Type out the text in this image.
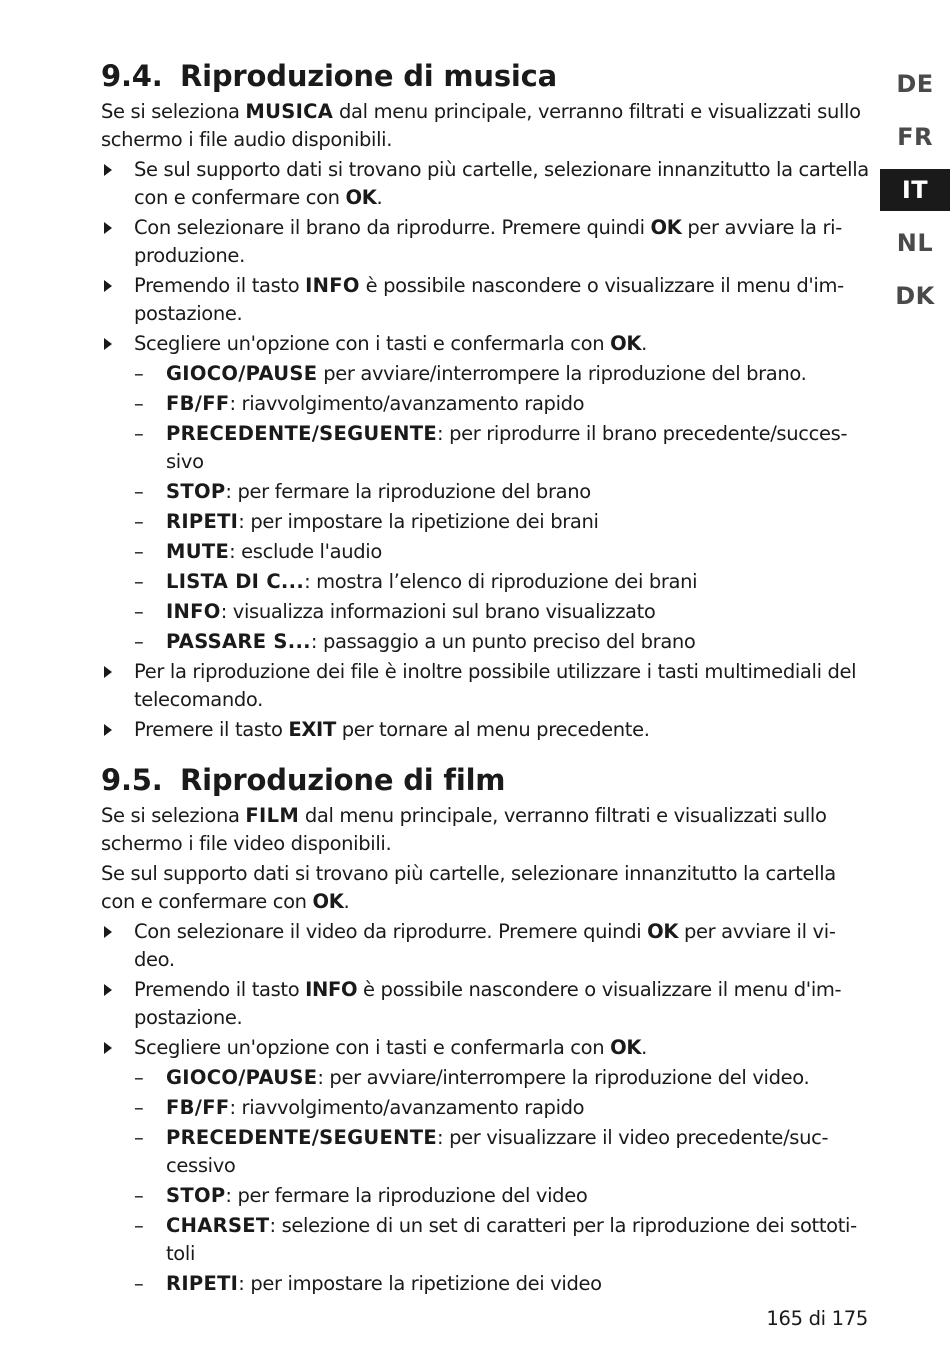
DE
FR
IT
NL
DK
9.4. Riproduzione di musica

Se si seleziona MUSICA dal menu principale, verranno filtrati e visualizzati sullo schermo i file audio disponibili.

Se sul supporto dati si trovano più cartelle, selezionare innanzitutto la cartella con e confermare con OK.
Con selezionare il brano da riprodurre. Premere quindi OK per avviare la riproduzione.
Premendo il tasto INFO è possibile nascondere o visualizzare il menu d'impostazione.
Scegliere un'opzione con i tasti e confermarla con OK.
– GIOCO/PAUSE per avviare/interrompere la riproduzione del brano.
– FB/FF: riavvolgimento/avanzamento rapido
– PRECEDENTE/SEGUENTE: per riprodurre il brano precedente/successivo
– STOP: per fermare la riproduzione del brano
– RIPETI: per impostare la ripetizione dei brani
– MUTE: esclude l'audio
– LISTA DI C...: mostra l’elenco di riproduzione dei brani
– INFO: visualizza informazioni sul brano visualizzato
– PASSARE S...: passaggio a un punto preciso del brano
Per la riproduzione dei file è inoltre possibile utilizzare i tasti multimediali del telecomando.
Premere il tasto EXIT per tornare al menu precedente.
9.5. Riproduzione di film

Se si seleziona FILM dal menu principale, verranno filtrati e visualizzati sullo schermo i file video disponibili.

Se sul supporto dati si trovano più cartelle, selezionare innanzitutto la cartella con e confermare con OK.

Con selezionare il video da riprodurre. Premere quindi OK per avviare il video.
Premendo il tasto INFO è possibile nascondere o visualizzare il menu d'impostazione.
Scegliere un'opzione con i tasti e confermarla con OK.
– GIOCO/PAUSE: per avviare/interrompere la riproduzione del video.
– FB/FF: riavvolgimento/avanzamento rapido
– PRECEDENTE/SEGUENTE: per visualizzare il video precedente/successivo
– STOP: per fermare la riproduzione del video
– CHARSET: selezione di un set di caratteri per la riproduzione dei sottotitoli
– RIPETI: per impostare la ripetizione dei video
165 di 175
